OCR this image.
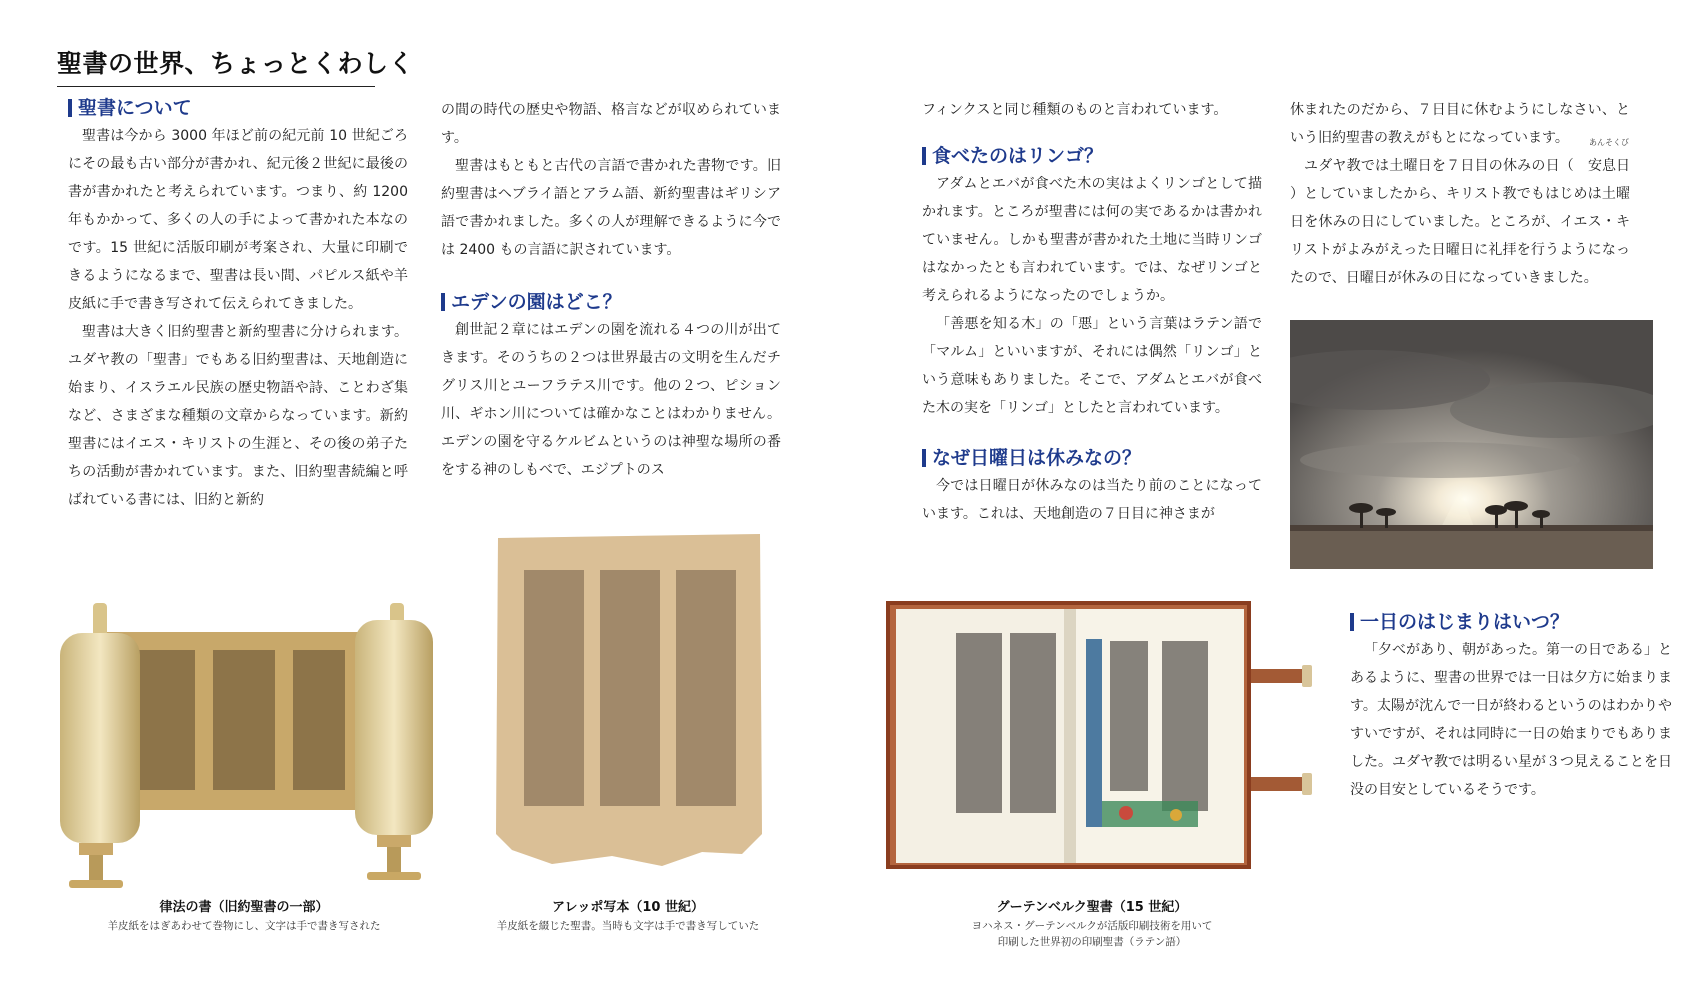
聖書の世界、ちょっとくわしく
聖書について

聖書は今から 3000 年ほど前の紀元前 10 世紀ごろにその最も古い部分が書かれ、紀元後２世紀に最後の書が書かれたと考えられています。つまり、約 1200 年もかかって、多くの人の手によって書かれた本なのです。15 世紀に活版印刷が考案され、大量に印刷できるようになるまで、聖書は長い間、パピルス紙や羊皮紙に手で書き写されて伝えられてきました。

聖書は大きく旧約聖書と新約聖書に分けられます。ユダヤ教の「聖書」でもある旧約聖書は、天地創造に始まり、イスラエル民族の歴史物語や詩、ことわざ集など、さまざまな種類の文章からなっています。新約聖書にはイエス・キリストの生涯と、その後の弟子たちの活動が書かれています。また、旧約聖書続編と呼ばれている書には、旧約と新約

の間の時代の歴史や物語、格言などが収められています。

聖書はもともと古代の言語で書かれた書物です。旧約聖書はヘブライ語とアラム語、新約聖書はギリシア語で書かれました。多くの人が理解できるように今では 2400 もの言語に訳されています。

エデンの園はどこ？

創世記２章にはエデンの園を流れる４つの川が出てきます。そのうちの２つは世界最古の文明を生んだチグリス川とユーフラテス川です。他の２つ、ピション川、ギホン川については確かなことはわかりません。エデンの園を守るケルビムというのは神聖な場所の番をする神のしもべで、エジプトのス

フィンクスと同じ種類のものと言われています。

食べたのはリンゴ？

アダムとエバが食べた木の実はよくリンゴとして描かれます。ところが聖書には何の実であるかは書かれていません。しかも聖書が書かれた土地に当時リンゴはなかったとも言われています。では、なぜリンゴと考えられるようになったのでしょうか。

「善悪を知る木」の「悪」という言葉はラテン語で「マルム」といいますが、それには偶然「リンゴ」という意味もありました。そこで、アダムとエバが食べた木の実を「リンゴ」としたと言われています。

なぜ日曜日は休みなの？

今では日曜日が休みなのは当たり前のことになっています。これは、天地創造の７日目に神さまが

休まれたのだから、７日目に休むようにしなさい、という旧約聖書の教えがもとになっています。

ユダヤ教では土曜日を７日目の休みの日（ 安息日
あんそくび
）としていましたから、キリスト教でもはじめは土曜日を休みの日にしていました。ところが、イエス・キリストがよみがえった日曜日に礼拝を行うようになったので、日曜日が休みの日になっていきました。

一日のはじまりはいつ？

「夕べがあり、朝があった。第一の日である」とあるように、聖書の世界では一日は夕方に始まります。太陽が沈んで一日が終わるというのはわかりやすいですが、それは同時に一日の始まりでもありました。ユダヤ教では明るい星が３つ見えることを日没の目安としているそうです。

律法の書（旧約聖書の一部）
羊皮紙をはぎあわせて巻物にし、文字は手で書き写された
アレッポ写本（10 世紀）
羊皮紙を綴じた聖書。当時も文字は手で書き写していた
グーテンベルク聖書（15 世紀）
ヨハネス・グーテンベルクが活版印刷技術を用いて
印刷した世界初の印刷聖書（ラテン語）
